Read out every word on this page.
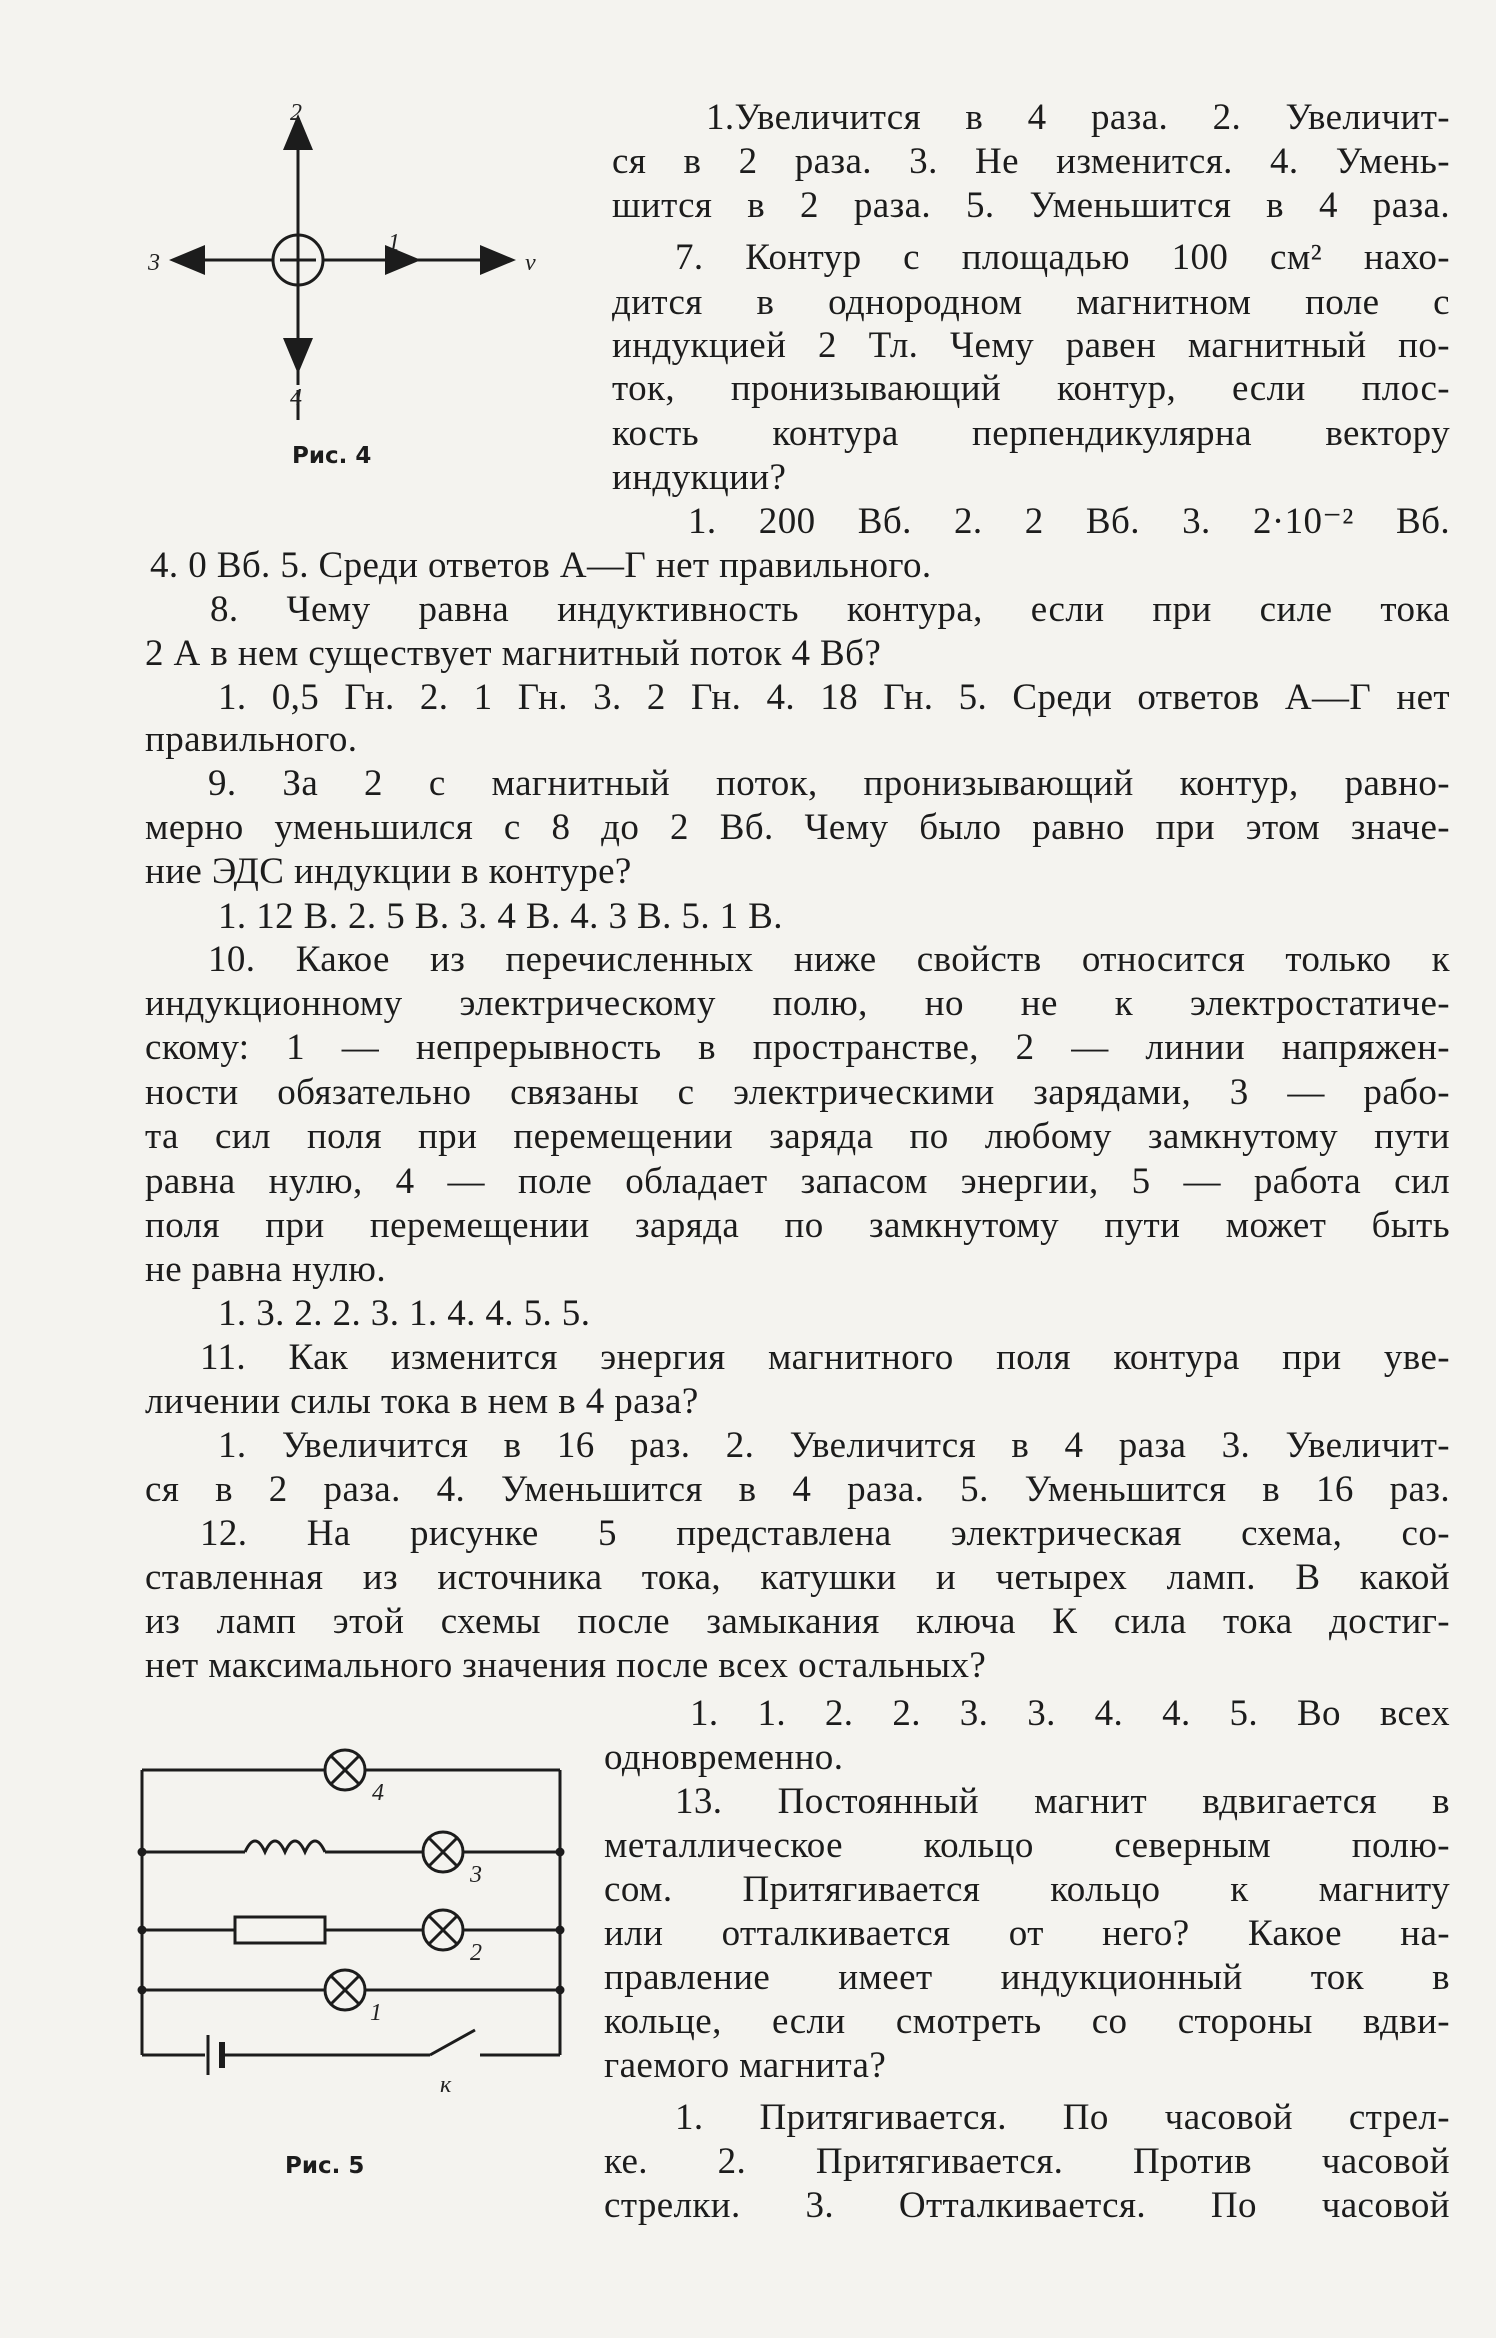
2
3
1
v⃗
4
Рис. 4
1.Увеличится в 4 раза. 2. Увеличит-
ся в 2 раза. 3. Не изменится. 4. Умень-
шится в 2 раза. 5. Уменьшится в 4 раза.
7. Контур с площадью 100 см² нахо-
дится в однородном магнитном поле с
индукцией 2 Тл. Чему равен магнитный по-
ток, пронизывающий контур, если плос-
кость контура перпендикулярна вектору
индукции?
1. 200 Вб. 2. 2 Вб. 3. 2·10⁻² Вб.
4. 0 Вб. 5. Среди ответов А—Г нет правильного.
8. Чему равна индуктивность контура, если при силе тока
2 А в нем существует магнитный поток 4 Вб?
1. 0,5 Гн. 2. 1 Гн. 3. 2 Гн. 4. 18 Гн. 5. Среди ответов А—Г нет
правильного.
9. За 2 с магнитный поток, пронизывающий контур, равно-
мерно уменьшился с 8 до 2 Вб. Чему было равно при этом значе-
ние ЭДС индукции в контуре?
1. 12 В. 2. 5 В. 3. 4 В. 4. 3 В. 5. 1 В.
10. Какое из перечисленных ниже свойств относится только к
индукционному электрическому полю, но не к электростатиче-
скому: 1 — непрерывность в пространстве, 2 — линии напряжен-
ности обязательно связаны с электрическими зарядами, 3 — рабо-
та сил поля при перемещении заряда по любому замкнутому пути
равна нулю, 4 — поле обладает запасом энергии, 5 — работа сил
поля при перемещении заряда по замкнутому пути может быть
не равна нулю.
1. 3. 2. 2. 3. 1. 4. 4. 5. 5.
11. Как изменится энергия магнитного поля контура при уве-
личении силы тока в нем в 4 раза?
1. Увеличится в 16 раз. 2. Увеличится в 4 раза 3. Увеличит-
ся в 2 раза. 4. Уменьшится в 4 раза. 5. Уменьшится в 16 раз.
12. На рисунке 5 представлена электрическая схема, со-
ставленная из источника тока, катушки и четырех ламп. В какой
из ламп этой схемы после замыкания ключа К сила тока достиг-
нет максимального значения после всех остальных?
1. 1. 2. 2. 3. 3. 4. 4. 5. Во всех
одновременно.
13. Постоянный магнит вдвигается в
металлическое кольцо северным полю-
сом. Притягивается кольцо к магниту
или отталкивается от него? Какое на-
правление имеет индукционный ток в
кольце, если смотреть со стороны вдви-
гаемого магнита?
1. Притягивается. По часовой стрел-
ке. 2. Притягивается. Против часовой
стрелки. 3. Отталкивается. По часовой
4
3
2
1
к
Рис. 5
